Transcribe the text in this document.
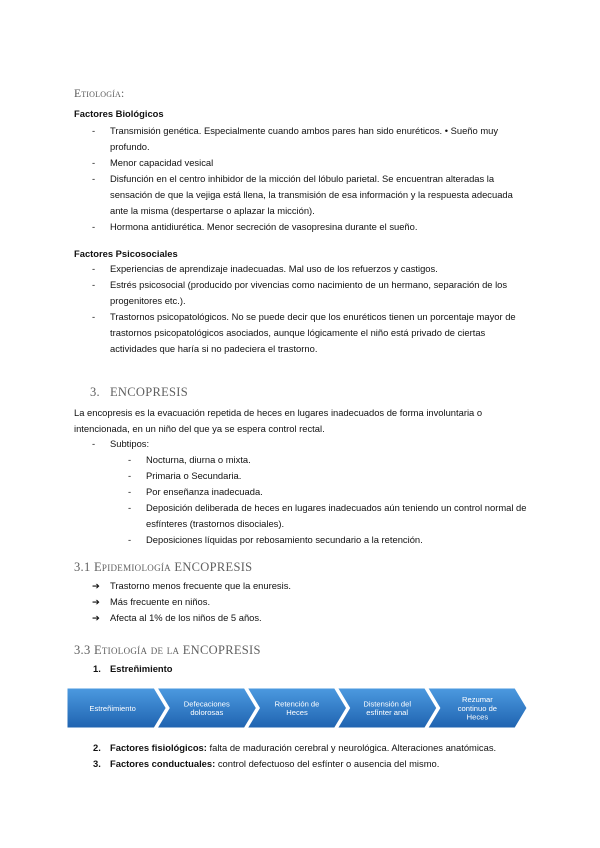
Etiología:
Factores Biológicos
- Transmisión genética. Especialmente cuando ambos pares han sido enuréticos. • Sueño muy profundo.
- Menor capacidad vesical
- Disfunción en el centro inhibidor de la micción del lóbulo parietal. Se encuentran alteradas la sensación de que la vejiga está llena, la transmisión de esa información y la respuesta adecuada ante la misma (despertarse o aplazar la micción).
- Hormona antidiurética. Menor secreción de vasopresina durante el sueño.
Factores Psicosociales
- Experiencias de aprendizaje inadecuadas. Mal uso de los refuerzos y castigos.
- Estrés psicosocial (producido por vivencias como nacimiento de un hermano, separación de los progenitores etc.).
- Trastornos psicopatológicos. No se puede decir que los enuréticos tienen un porcentaje mayor de trastornos psicopatológicos asociados, aunque lógicamente el niño está privado de ciertas actividades que haría si no padeciera el trastorno.
3. ENCOPRESIS
La encopresis es la evacuación repetida de heces en lugares inadecuados de forma involuntaria o intencionada, en un niño del que ya se espera control rectal.
- Subtipos:
- Nocturna, diurna o mixta.
- Primaria o Secundaria.
- Por enseñanza inadecuada.
- Deposición deliberada de heces en lugares inadecuados aún teniendo un control normal de esfínteres (trastornos disociales).
- Deposiciones líquidas por rebosamiento secundario a la retención.
3.1 Epidemiología ENCOPRESIS
➔ Trastorno menos frecuente que la enuresis.
➔ Más frecuente en niños.
➔ Afecta al 1% de los niños de 5 años.
3.3 Etiología de la ENCOPRESIS
1. Estreñimiento
Estreñimiento	Defecaciones dolorosas
Retención de Heces
Distensión del esfínter anal
Rezumar continuo de Heces
2. Factores fisiológicos: falta de maduración cerebral y neurológica. Alteraciones anatómicas.
3. Factores conductuales: control defectuoso del esfínter o ausencia del mismo.
